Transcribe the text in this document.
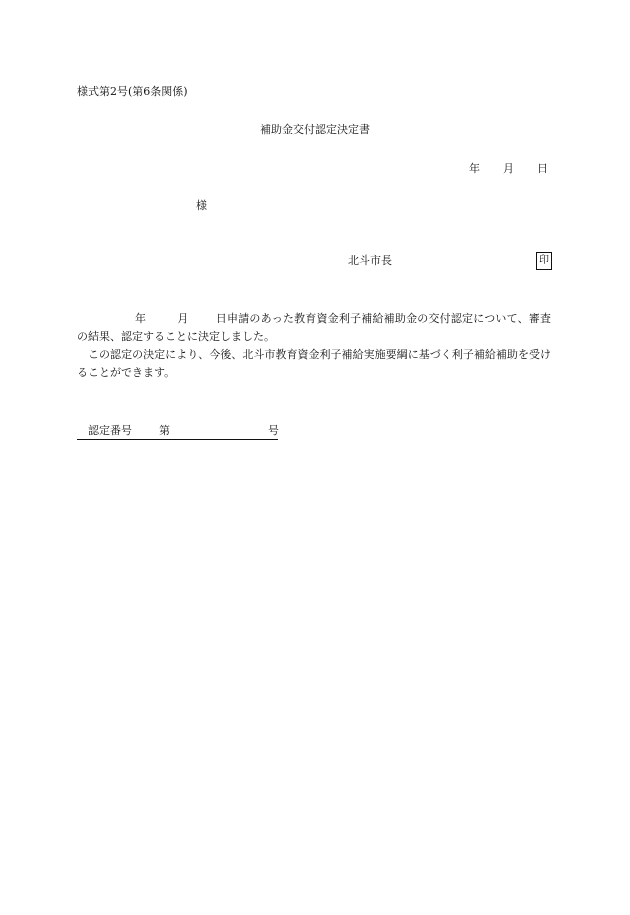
様式第2号(第6条関係)
補助金交付認定決定書
年 月 日
様
北斗市長	印

年	月 日申請のあった教育資金利子補給補助金の交付認定について、審査の結果、認定することに決定しました。

この認定の決定により、今後、北斗市教育資金利子補給実施要綱に基づく利子補給補助を受けることができます。

認定番号 第	号
